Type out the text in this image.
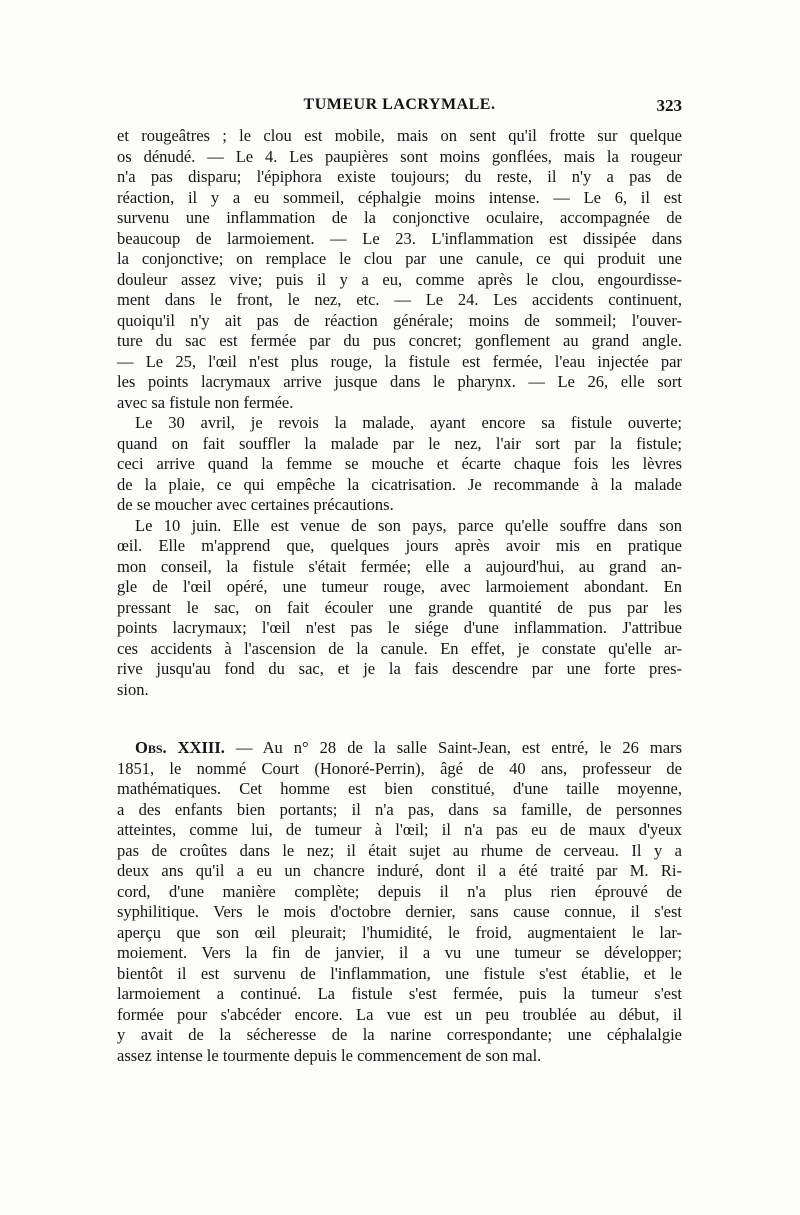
TUMEUR LACRYMALE.	323
et rougeâtres ; le clou est mobile, mais on sent qu'il frotte sur quelque
os dénudé. — Le 4. Les paupières sont moins gonflées, mais la rougeur
n'a pas disparu; l'épiphora existe toujours; du reste, il n'y a pas de
réaction, il y a eu sommeil, céphalgie moins intense. — Le 6, il est
survenu une inflammation de la conjonctive oculaire, accompagnée de
beaucoup de larmoiement. — Le 23. L'inflammation est dissipée dans
la conjonctive; on remplace le clou par une canule, ce qui produit une
douleur assez vive; puis il y a eu, comme après le clou, engourdisse-
ment dans le front, le nez, etc. — Le 24. Les accidents continuent,
quoiqu'il n'y ait pas de réaction générale; moins de sommeil; l'ouver-
ture du sac est fermée par du pus concret; gonflement au grand angle.
— Le 25, l'œil n'est plus rouge, la fistule est fermée, l'eau injectée par
les points lacrymaux arrive jusque dans le pharynx. — Le 26, elle sort
avec sa fistule non fermée.
Le 30 avril, je revois la malade, ayant encore sa fistule ouverte;
quand on fait souffler la malade par le nez, l'air sort par la fistule;
ceci arrive quand la femme se mouche et écarte chaque fois les lèvres
de la plaie, ce qui empêche la cicatrisation. Je recommande à la malade
de se moucher avec certaines précautions.
Le 10 juin. Elle est venue de son pays, parce qu'elle souffre dans son
œil. Elle m'apprend que, quelques jours après avoir mis en pratique
mon conseil, la fistule s'était fermée; elle a aujourd'hui, au grand an-
gle de l'œil opéré, une tumeur rouge, avec larmoiement abondant. En
pressant le sac, on fait écouler une grande quantité de pus par les
points lacrymaux; l'œil n'est pas le siége d'une inflammation. J'attribue
ces accidents à l'ascension de la canule. En effet, je constate qu'elle ar-
rive jusqu'au fond du sac, et je la fais descendre par une forte pres-
sion.
Obs. XXIII. — Au n° 28 de la salle Saint-Jean, est entré, le 26 mars
1851, le nommé Court (Honoré-Perrin), âgé de 40 ans, professeur de
mathématiques. Cet homme est bien constitué, d'une taille moyenne,
a des enfants bien portants; il n'a pas, dans sa famille, de personnes
atteintes, comme lui, de tumeur à l'œil; il n'a pas eu de maux d'yeux
pas de croûtes dans le nez; il était sujet au rhume de cerveau. Il y a
deux ans qu'il a eu un chancre induré, dont il a été traité par M. Ri-
cord, d'une manière complète; depuis il n'a plus rien éprouvé de
syphilitique. Vers le mois d'octobre dernier, sans cause connue, il s'est
aperçu que son œil pleurait; l'humidité, le froid, augmentaient le lar-
moiement. Vers la fin de janvier, il a vu une tumeur se développer;
bientôt il est survenu de l'inflammation, une fistule s'est établie, et le
larmoiement a continué. La fistule s'est fermée, puis la tumeur s'est
formée pour s'abcéder encore. La vue est un peu troublée au début, il
y avait de la sécheresse de la narine correspondante; une céphalalgie
assez intense le tourmente depuis le commencement de son mal.
